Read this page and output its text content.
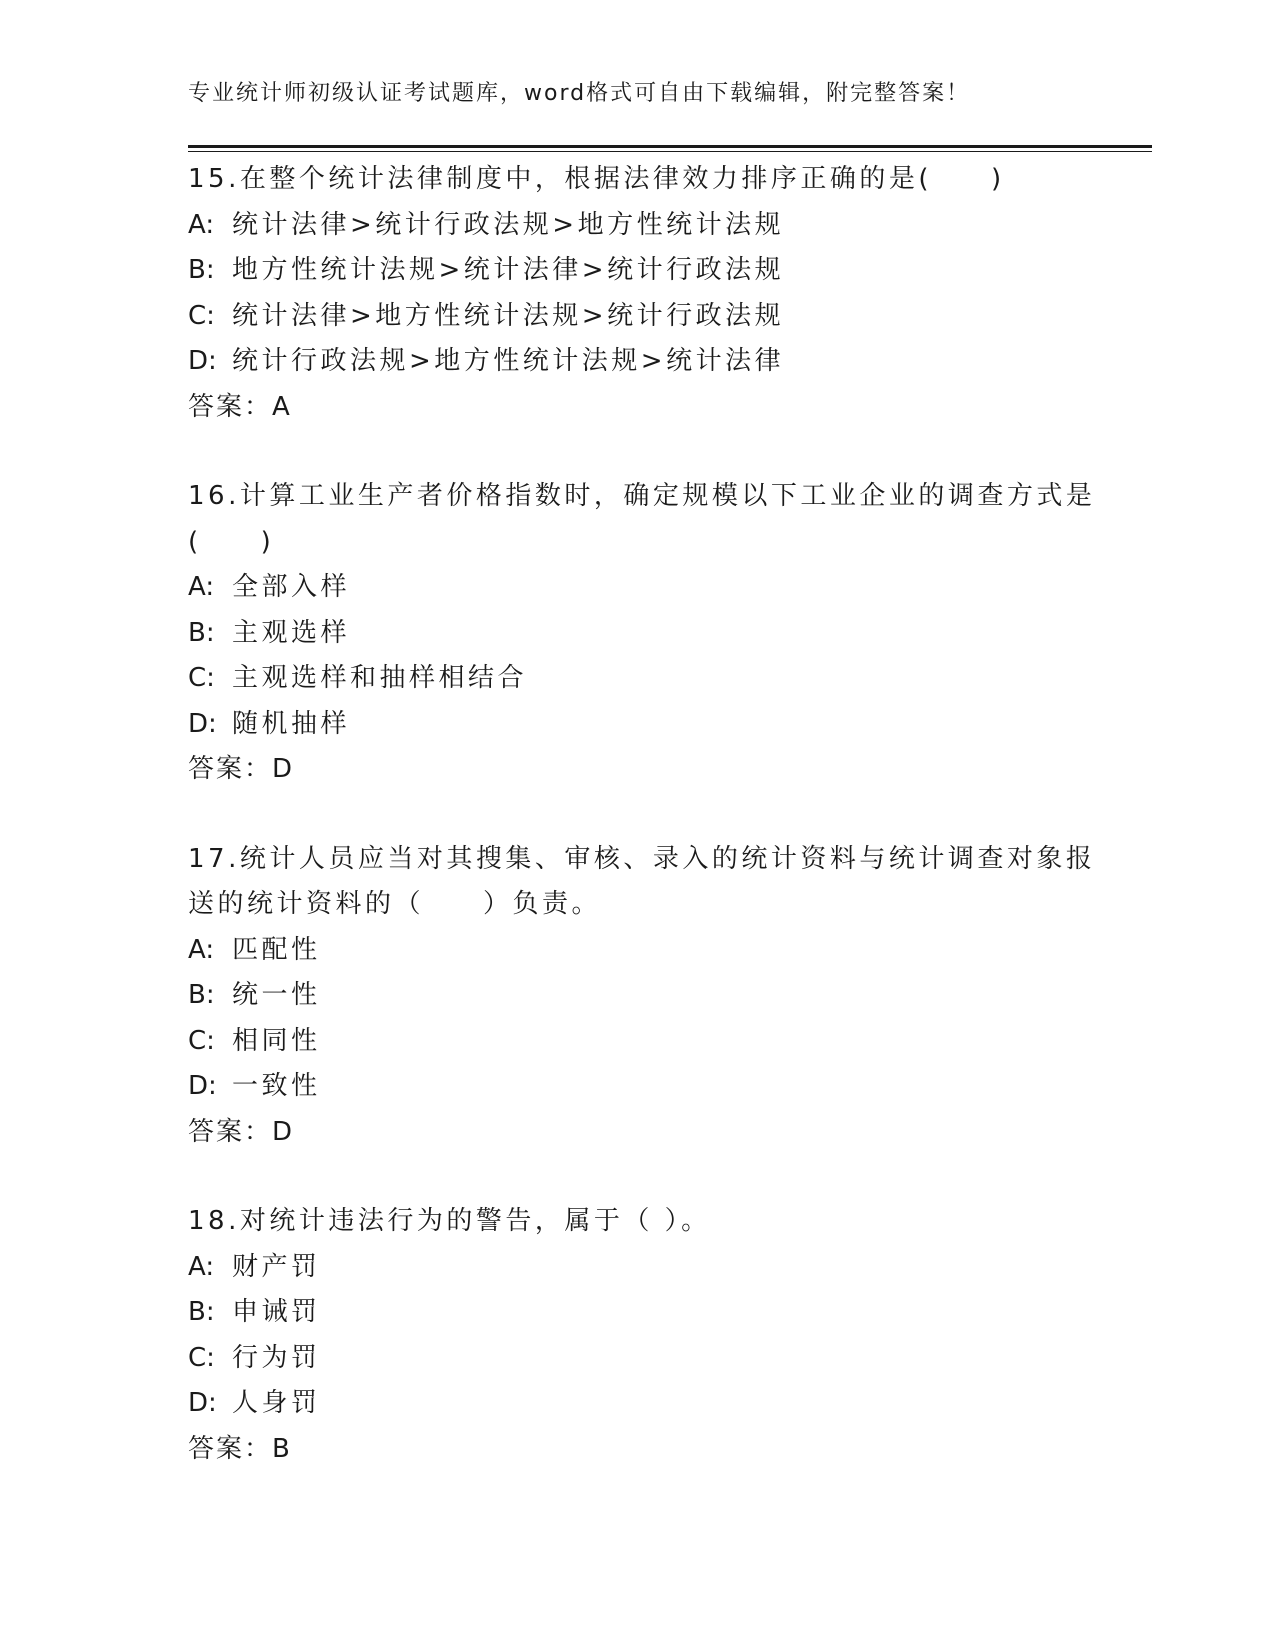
专业统计师初级认证考试题库，word格式可自由下载编辑，附完整答案！
15.在整个统计法律制度中，根据法律效力排序正确的是(　　)
A: 统计法律>统计行政法规>地方性统计法规
B: 地方性统计法规>统计法律>统计行政法规
C: 统计法律>地方性统计法规>统计行政法规
D: 统计行政法规>地方性统计法规>统计法律
答案：A
16.计算工业生产者价格指数时，确定规模以下工业企业的调查方式是
(　　)
A: 全部入样
B: 主观选样
C: 主观选样和抽样相结合
D: 随机抽样
答案：D
17.统计人员应当对其搜集、审核、录入的统计资料与统计调查对象报
送的统计资料的（　　）负责。
A: 匹配性
B: 统一性
C: 相同性
D: 一致性
答案：D
18.对统计违法行为的警告，属于（ ）。
A: 财产罚
B: 申诫罚
C: 行为罚
D: 人身罚
答案：B
